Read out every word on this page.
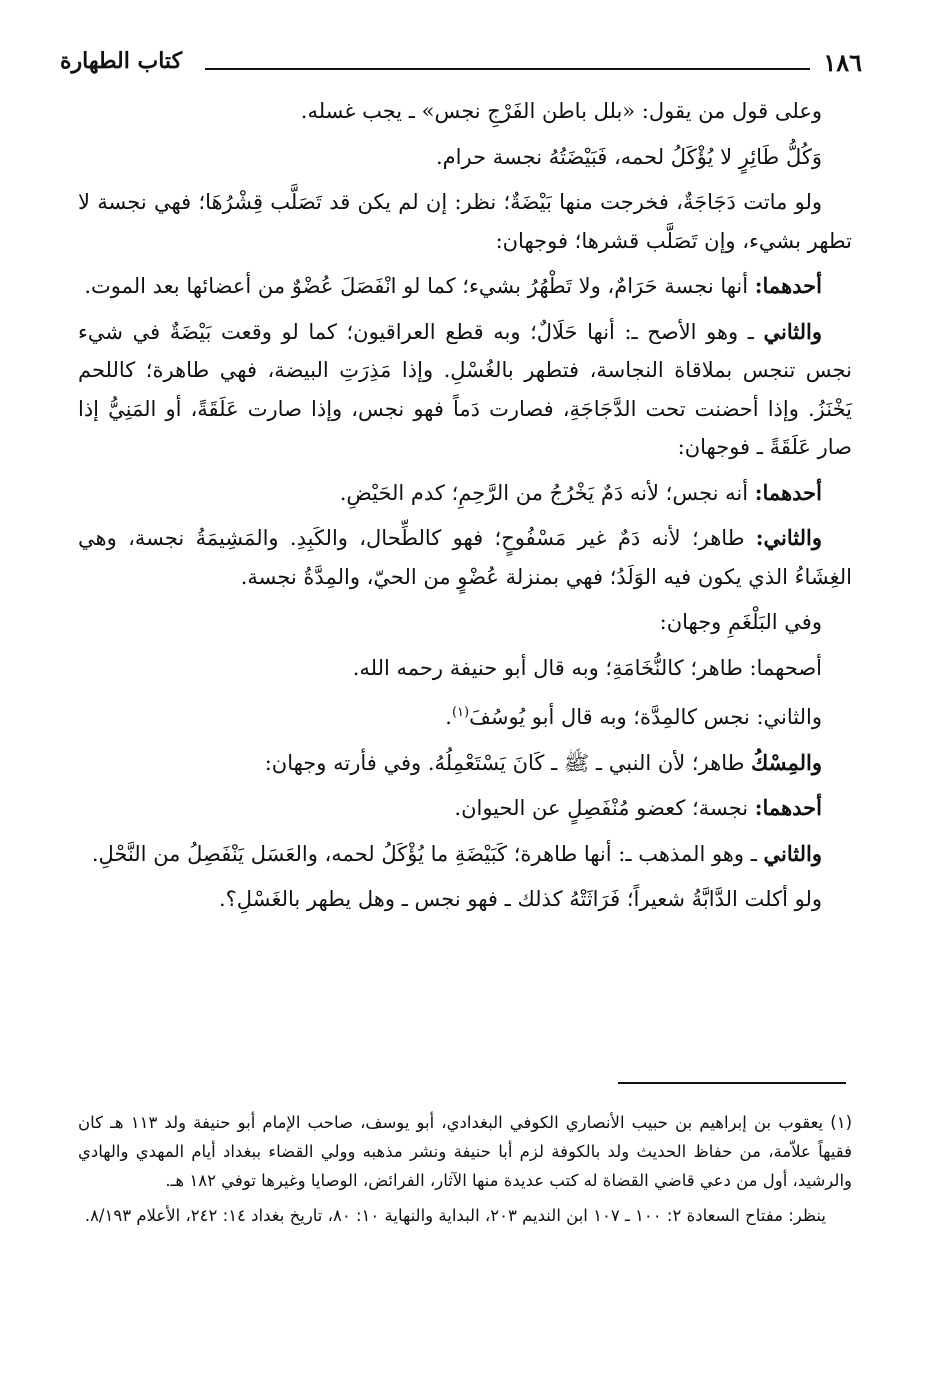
١٨٦
كتاب الطهارة

وعلى قول من يقول: «بلل باطن الفَرْجِ نجس» ـ يجب غسله.

وَكُلُّ طَائِرٍ لا يُؤْكَلُ لحمه، فَبَيْضَتُهُ نجسة حرام.

ولو ماتت دَجَاجَةٌ، فخرجت منها بَيْضَةٌ؛ نظر: إن لم يكن قد تَصَلَّب قِشْرُهَا؛ فهي نجسة لا تطهر بشيء، وإن تَصَلَّب قشرها؛ فوجهان:

أحدهما: أنها نجسة حَرَامٌ، ولا تَطْهُرُ بشيء؛ كما لو انْفَصَلَ عُضْوٌ من أعضائها بعد الموت.

والثاني ـ وهو الأصح ـ: أنها حَلَالٌ؛ وبه قطع العراقيون؛ كما لو وقعت بَيْضَةٌ في شيء نجس تنجس بملاقاة النجاسة، فتطهر بالغُسْلِ. وإذا مَذِرَتِ البيضة، فهي طاهرة؛ كاللحم يَخْنَزُ. وإذا أحضنت تحت الدَّجَاجَةِ، فصارت دَماً فهو نجس، وإذا صارت عَلَقَةً، أو المَنِيُّ إذا صار عَلَقَةً ـ فوجهان:

أحدهما: أنه نجس؛ لأنه دَمٌ يَخْرُجُ من الرَّحِمِ؛ كدم الحَيْضِ.

والثاني: طاهر؛ لأنه دَمٌ غير مَسْفُوحٍ؛ فهو كالطِّحال، والكَبِدِ. والمَشِيمَةُ نجسة، وهي الغِشَاءُ الذي يكون فيه الوَلَدُ؛ فهي بمنزلة عُضْوٍ من الحيّ، والمِدَّةُ نجسة.

وفي البَلْغَمِ وجهان:

أصحهما: طاهر؛ كالنُّخَامَةِ؛ وبه قال أبو حنيفة رحمه الله.

والثاني: نجس كالمِدَّة؛ وبه قال أبو يُوسُفَ$^{(١)}$.

والمِسْكُ طاهر؛ لأن النبي ـ ﷺ ـ كَانَ يَسْتَعْمِلُهُ. وفي فأرته وجهان:

أحدهما: نجسة؛ كعضو مُنْفَصِلٍ عن الحيوان.

والثاني ـ وهو المذهب ـ: أنها طاهرة؛ كَبَيْضَةِ ما يُؤْكَلُ لحمه، والعَسَل يَنْفَصِلُ من النَّحْلِ.

ولو أكلت الدَّابَّةُ شعيراً؛ فَرَاثَتْهُ كذلك ـ فهو نجس ـ وهل يطهر بالغَسْلِ؟.

(١) يعقوب بن إبراهيم بن حبيب الأنصاري الكوفي البغدادي، أبو يوسف، صاحب الإمام أبو حنيفة ولد ١١٣ هـ كان فقيهاً علاّمة، من حفاظ الحديث ولد بالكوفة لزم أبا حنيفة ونشر مذهبه وولي القضاء ببغداد أيام المهدي والهادي والرشيد، أول من دعي قاضي القضاة له كتب عديدة منها الآثار، الفرائض، الوصايا وغيرها توفي ١٨٢ هـ.

ينظر: مفتاح السعادة ٢: ١٠٠ ـ ١٠٧ ابن النديم ٢٠٣، البداية والنهاية ١٠: ٨٠، تاريخ بغداد ١٤: ٢٤٢، الأعلام ٨/١٩٣.
